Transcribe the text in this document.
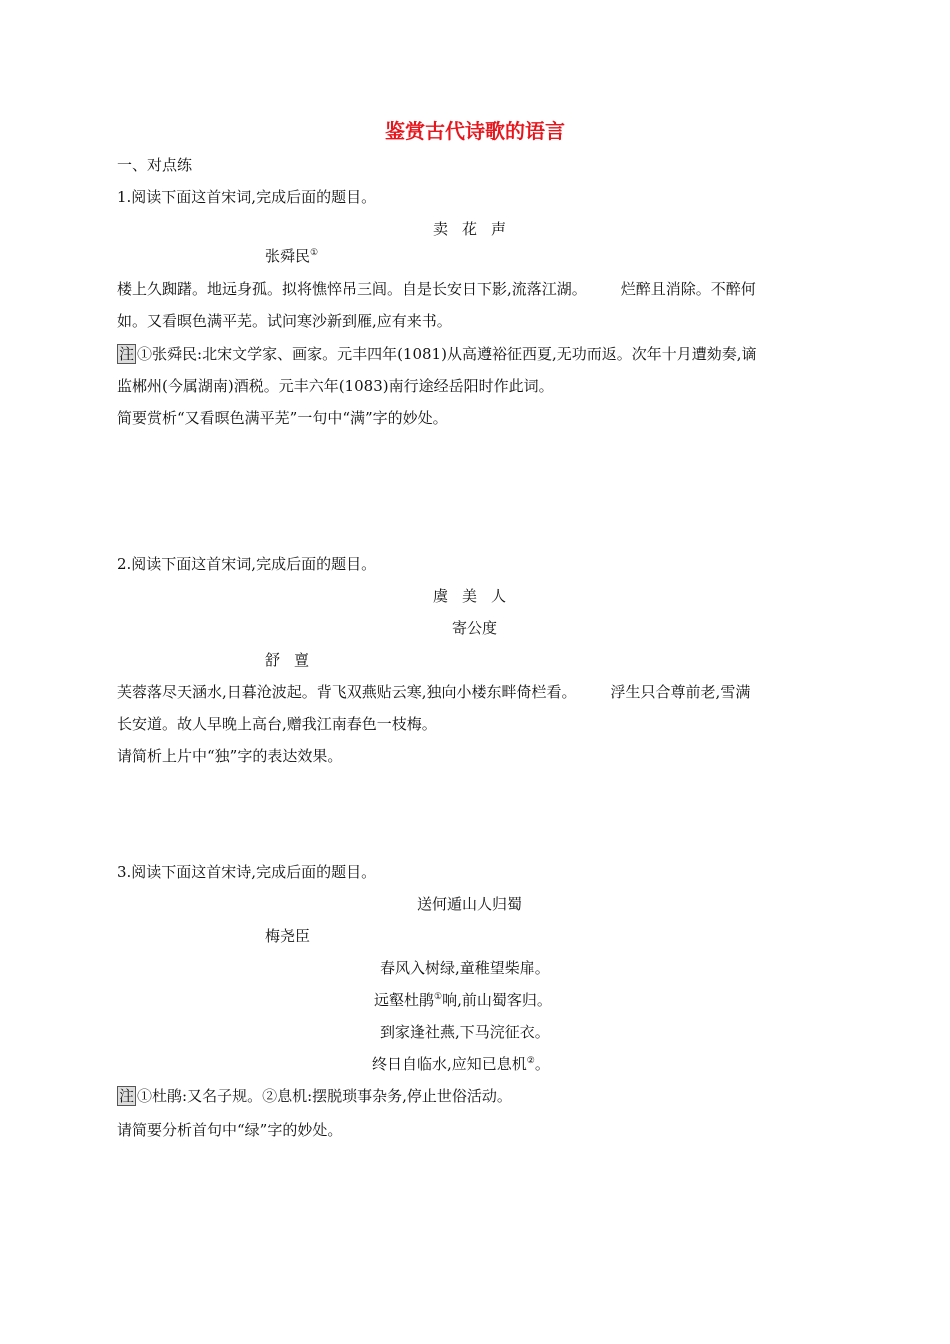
鉴赏古代诗歌的语言
一、对点练
1.阅读下面这首宋词,完成后面的题目。
卖花声
张舜民①
楼上久踟躇。地远身孤。拟将憔悴吊三闾。自是长安日下影,流落江湖。 烂醉且消除。不醉何
如。又看暝色满平芜。试问寒沙新到雁,应有来书。
注 ①张舜民:北宋文学家、画家。元丰四年(1081)从高遵裕征西夏,无功而返。次年十月遭劾奏,谪
监郴州(今属湖南)酒税。元丰六年(1083)南行途经岳阳时作此词。
简要赏析“又看暝色满平芜”一句中“满”字的妙处。
2.阅读下面这首宋词,完成后面的题目。
虞美人
寄公度
舒亶
芙蓉落尽天涵水,日暮沧波起。背飞双燕贴云寒,独向小楼东畔倚栏看。 浮生只合尊前老,雪满
长安道。故人早晚上高台,赠我江南春色一枝梅。
请简析上片中“独”字的表达效果。
3.阅读下面这首宋诗,完成后面的题目。
送何遁山人归蜀
梅尧臣
春风入树绿,童稚望柴扉。
远壑杜鹃①响,前山蜀客归。
到家逢社燕,下马浣征衣。
终日自临水,应知已息机②。
注 ①杜鹃:又名子规。②息机:摆脱琐事杂务,停止世俗活动。
请简要分析首句中“绿”字的妙处。
